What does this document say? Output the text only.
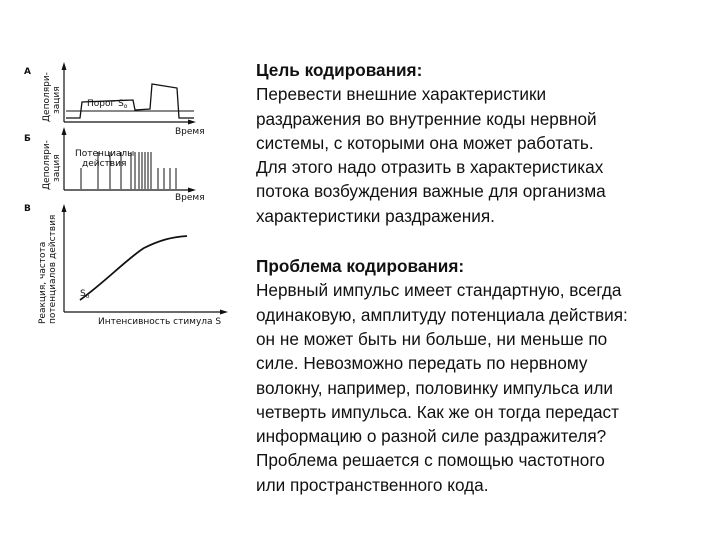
А
Деполяри- зация	Порог $S_о$
Время
Б
Деполяри- зация
Потенциалы
действия
Время
В
Реакция, частота потенциалов действия $S_о$
Интенсивность стимула S
Цель кодирования:
Перевести внешние характеристики
раздражения во внутренние коды нервной
системы, с которыми она может работать.
Для этого надо отразить в характеристиках
потока возбуждения важные для организма
характеристики раздражения.
Проблема кодирования:
Нервный импульс имеет стандартную, всегда
одинаковую, амплитуду потенциала действия:
он не может быть ни больше, ни меньше по
силе. Невозможно передать по нервному
волокну, например, половинку импульса или
четверть импульса. Как же он тогда передаст
информацию о разной силе раздражителя?
Проблема решается с помощью частотного
или пространственного кода.
